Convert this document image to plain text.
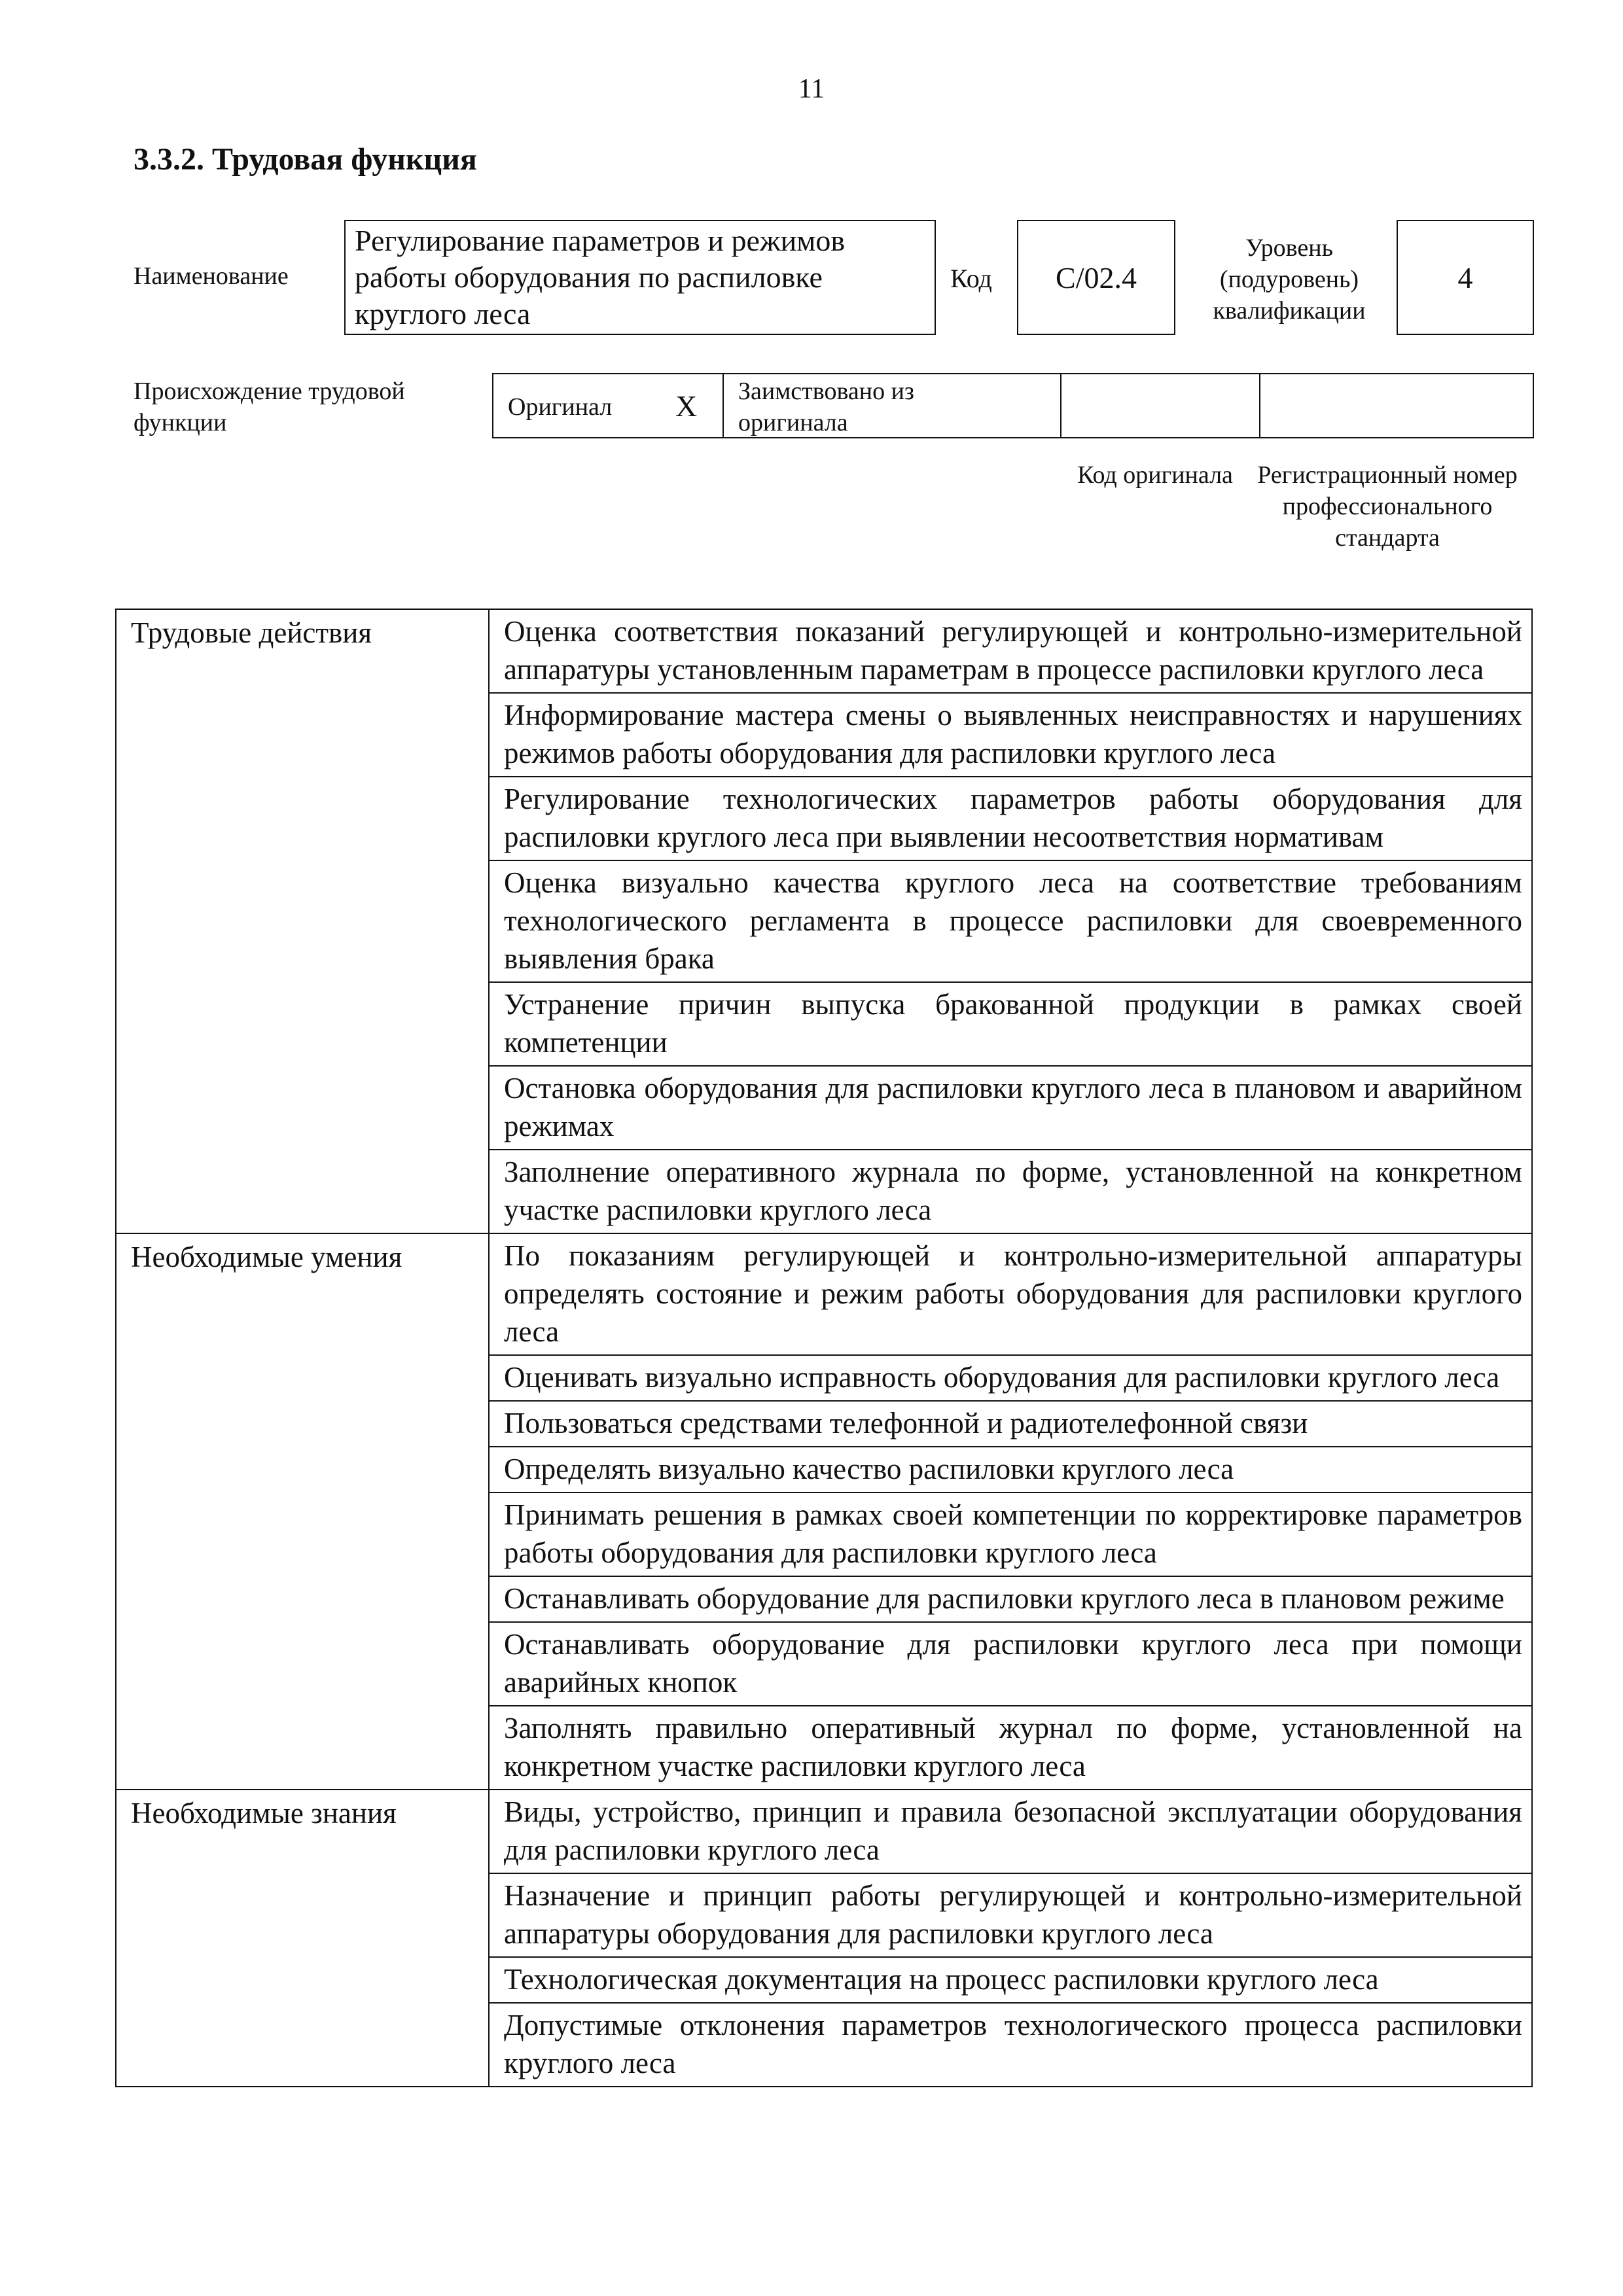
11
3.3.2. Трудовая функция
Наименование
Регулирование параметров и режимов работы оборудования по распиловке круглого леса
Код C/02.4
Уровень (подуровень) квалификации
4
Происхождение трудовой функции
Оригинал X Заимствовано из оригинала
Код оригинала Регистрационный номер профессионального стандарта
Трудовые действия	Оценка соответствия показаний регулирующей и контрольно-измерительной аппаратуры установленным параметрам в процессе распиловки круглого леса
	Информирование мастера смены о выявленных неисправностях и нарушениях режимов работы оборудования для распиловки круглого леса
	Регулирование технологических параметров работы оборудования для распиловки круглого леса при выявлении несоответствия нормативам
	Оценка визуально качества круглого леса на соответствие требованиям технологического регламента в процессе распиловки для своевременного выявления брака
	Устранение причин выпуска бракованной продукции в рамках своей компетенции
	Остановка оборудования для распиловки круглого леса в плановом и аварийном режимах
	Заполнение оперативного журнала по форме, установленной на конкретном участке распиловки круглого леса
Необходимые умения	По показаниям регулирующей и контрольно-измерительной аппаратуры определять состояние и режим работы оборудования для распиловки круглого леса
	Оценивать визуально исправность оборудования для распиловки круглого леса
	Пользоваться средствами телефонной и радиотелефонной связи
	Определять визуально качество распиловки круглого леса
	Принимать решения в рамках своей компетенции по корректировке параметров работы оборудования для распиловки круглого леса
	Останавливать оборудование для распиловки круглого леса в плановом режиме
	Останавливать оборудование для распиловки круглого леса при помощи аварийных кнопок
	Заполнять правильно оперативный журнал по форме, установленной на конкретном участке распиловки круглого леса
Необходимые знания	Виды, устройство, принцип и правила безопасной эксплуатации оборудования для распиловки круглого леса
	Назначение и принцип работы регулирующей и контрольно-измерительной аппаратуры оборудования для распиловки круглого леса
	Технологическая документация на процесс распиловки круглого леса
	Допустимые отклонения параметров технологического процесса распиловки круглого леса
